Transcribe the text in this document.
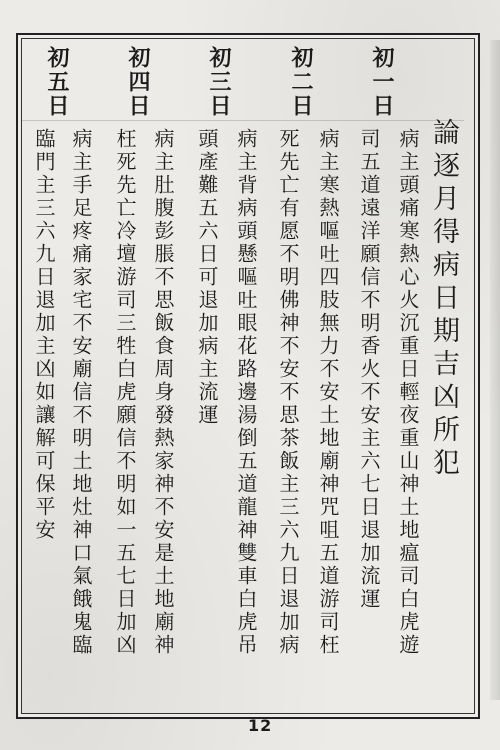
論逐月得病日期吉凶所犯
初一日
病主頭痛寒熱心火沉重日輕夜重山神土地瘟司白虎遊
司五道遠洋願信不明香火不安主六七日退加流運
初二日
病主寒熱嘔吐四肢無力不安土地廟神咒咀五道游司枉
死先亡有愿不明佛神不安不思茶飯主三六九日退加病
初三日
病主背病頭懸嘔吐眼花路邊湯倒五道龍神雙車白虎吊
頭產難五六日可退加病主流運
初四日
病主肚腹彭脹不思飯食周身發熱家神不安是土地廟神
枉死先亡冷壇游司三牲白虎願信不明如一五七日加凶
初五日
病主手足疼痛家宅不安廟信不明土地灶神口氣餓鬼臨
臨門主三六九日退加主凶如讓解可保平安
12
